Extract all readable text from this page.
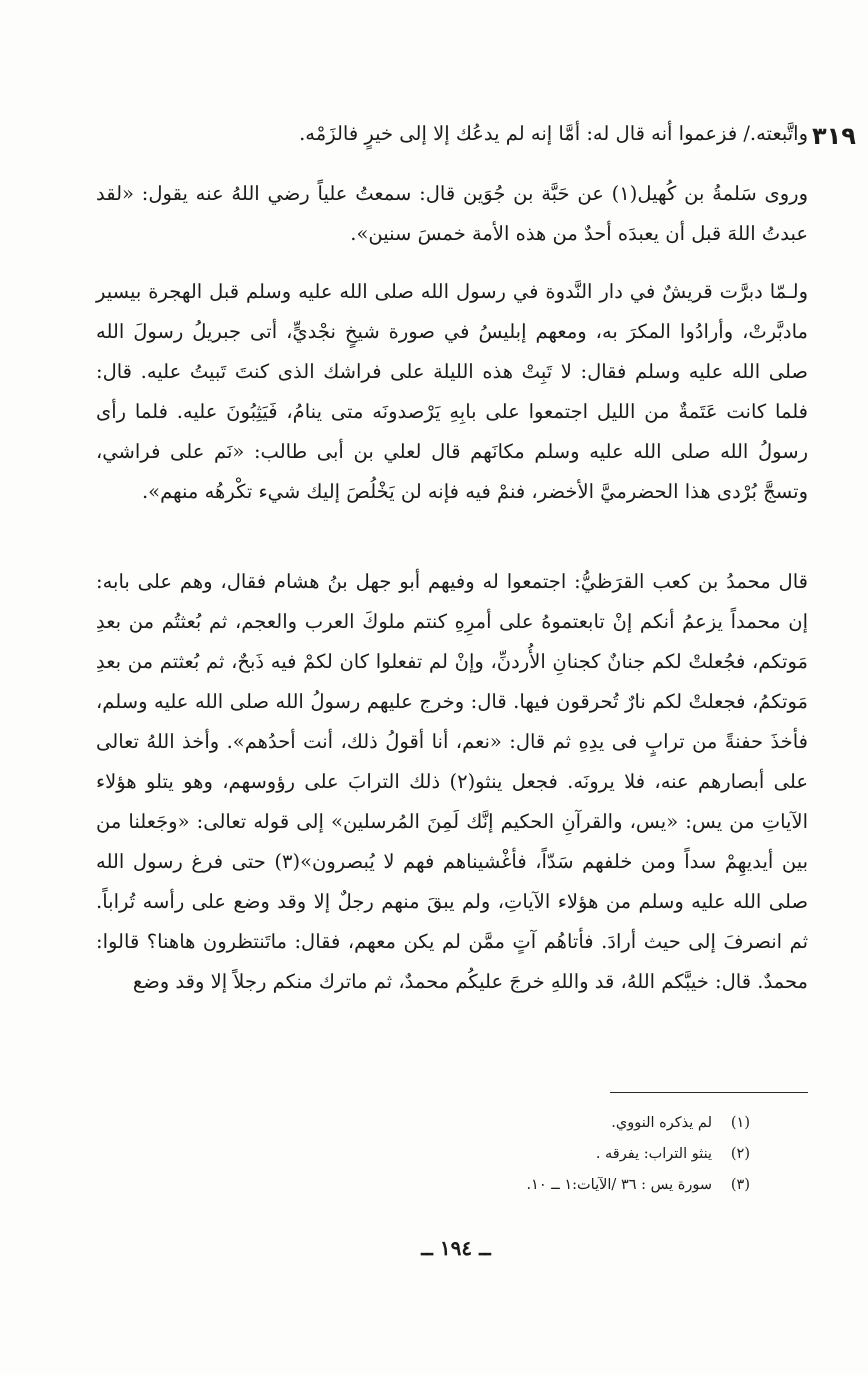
٣١٩

واتَّبعته./ فزعموا أنه قال له: أمَّا إنه لم يدعُك إلا إلى خيرٍ فالزَمْه.

وروى سَلمةُ بن كُهيل(١) عن حَبَّة بن جُوَين قال: سمعتُ علياً رضي اللهُ عنه يقول: «لقد عبدتُ اللهَ قبل أن يعبدَه أحدٌ من هذه الأمة خمسَ سنين».

ولـمّا دبرَّت قريشٌ في دار النَّدوة في رسول الله صلى الله عليه وسلم قبل الهجرة بيسير مادبَّرتْ، وأرادُوا المكرَ به، ومعهم إبليسُ في صورة شيخٍ نجْديٍّ، أتى جبريلُ رسولَ الله صلى الله عليه وسلم فقال: لا تَبِتْ هذه الليلة على فراشك الذى كنتَ تَبيتُ عليه. قال: فلما كانت عَتَمةٌ من الليل اجتمعوا على بابِهِ يَرْصدونَه متى ينامُ، فَيَثِبُونَ عليه. فلما رأى رسولُ الله صلى الله عليه وسلم مكانَهم قال لعلي بن أبى طالب: «نَم على فراشي، وتسجَّ بُرْدى هذا الحضرميَّ الأخضر، فنمْ فيه فإنه لن يَخْلُصَ إليك شيء تكْرهُه منهم».

قال محمدُ بن كعب القرَظيُّ: اجتمعوا له وفيهم أبو جهل بنُ هشام فقال، وهم على بابه: إن محمداً يزعمُ أنكم إنْ تابعتموهُ على أمرِهِ كنتم ملوكَ العرب والعجم، ثم بُعثتُم من بعدِ مَوتكم، فجُعلتْ لكم جنانٌ كجنانِ الأُردنِّ، وإنْ لم تفعلوا كان لكمْ فيه ذَبحٌ، ثم بُعثتم من بعدِ مَوتكمُ، فجعلتْ لكم نارٌ تُحرقون فيها. قال: وخرج عليهم رسولُ الله صلى الله عليه وسلم، فأخذَ حفنةً من ترابٍ فى يدِهِ ثم قال: «نعم، أنا أقولُ ذلك، أنت أحدُهم». وأخذ اللهُ تعالى على أبصارهم عنه، فلا يرونَه. فجعل ينثو(٢) ذلك الترابَ على رؤوسهم، وهو يتلو هؤلاء الآياتِ من يس: «يس، والقرآنِ الحكيم إنَّك لَمِنَ المُرسلين» إلى قوله تعالى: «وجَعلنا من بين أيديهِمْ سداً ومن خلفهم سَدّاً، فأغْشيناهم فهم لا يُبصرون»(٣) حتى فرغ رسول الله صلى الله عليه وسلم من هؤلاء الآياتِ، ولم يبقَ منهم رجلٌ إلا وقد وضع على رأسه تُراباً. ثم انصرفَ إلى حيث أرادَ. فأتاهُم آتٍ ممَّن لم يكن معهم، فقال: ماتَنتظرون هاهنا؟ قالوا: محمدٌ. قال: خيبَّكم اللهُ، قد واللهِ خرجَ عليكُم محمدٌ، ثم ماترك منكم رجلاً إلا وقد وضع

(١)
لم يذكره النووي.
(٢)
ينثو التراب: يفرقه .
(٣)
سورة يس : ٣٦ /الآيات:١ ــ ١٠.
ــ ١٩٤ ــ
